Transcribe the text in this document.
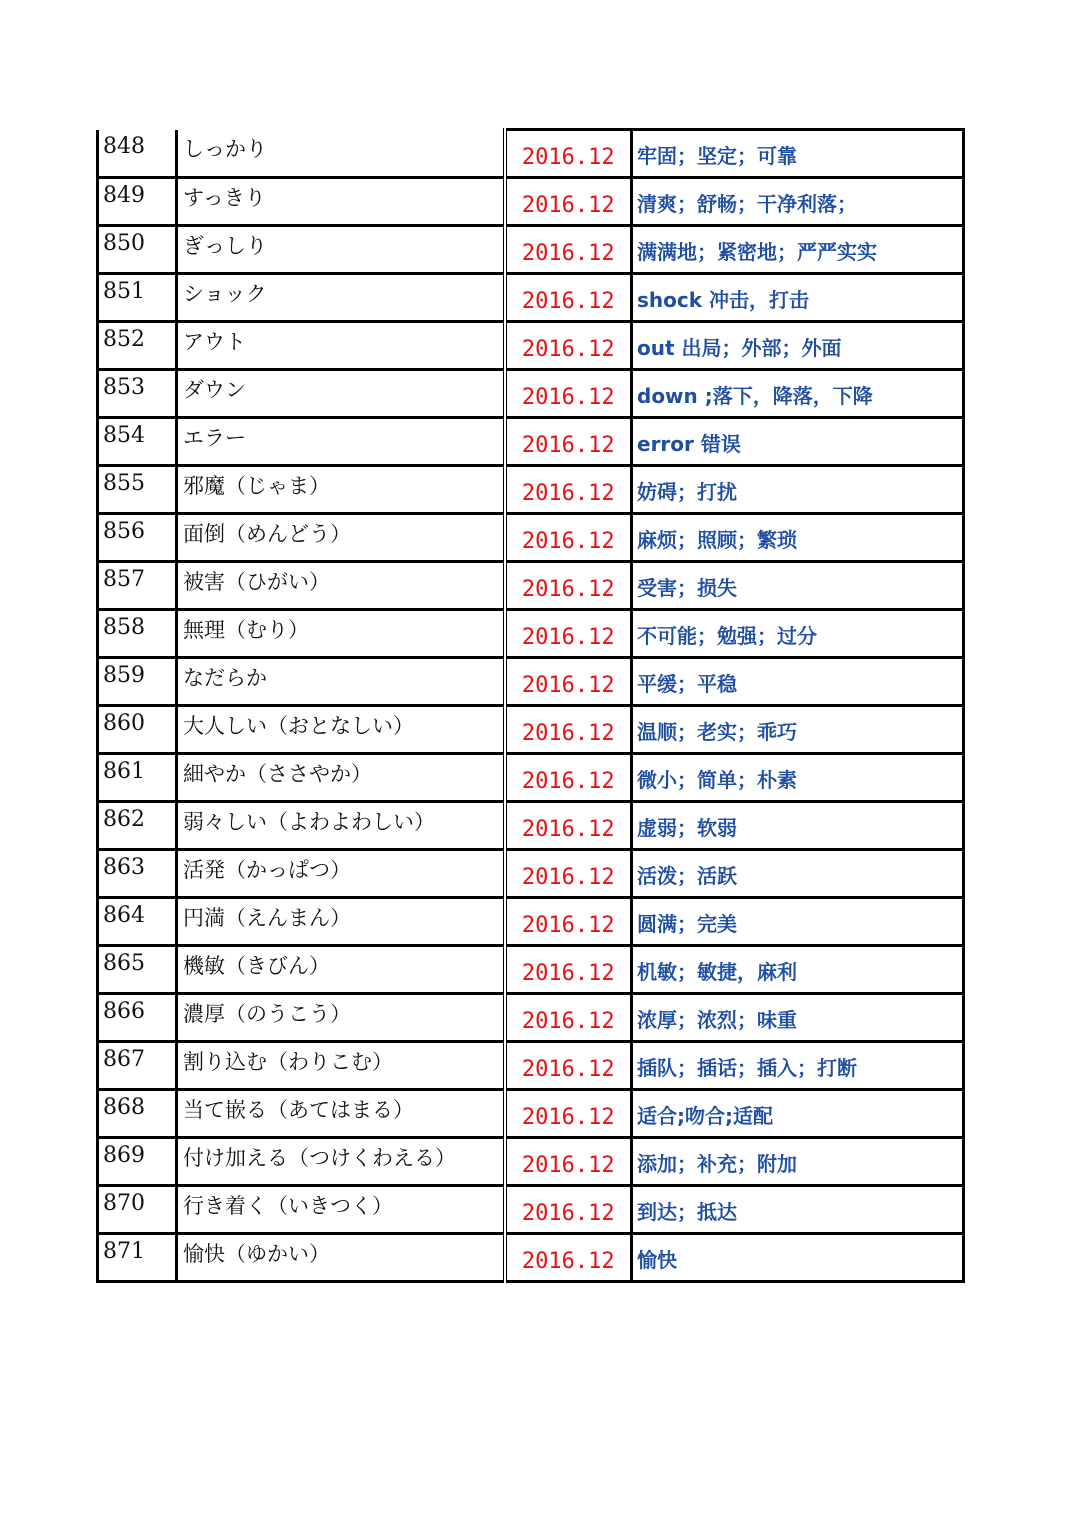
848	しっかり	2016.12	牢固；坚定；可靠
849	すっきり	2016.12	清爽；舒畅；干净利落；
850	ぎっしり	2016.12	满满地；紧密地；严严实实
851	ショック	2016.12	shock 冲击，打击
852	アウト	2016.12	out 出局；外部；外面
853	ダウン	2016.12	down ;落下，降落，下降
854	エラー	2016.12	error 错误
855	邪魔（じゃま）	2016.12	妨碍；打扰
856	面倒（めんどう）	2016.12	麻烦；照顾；繁琐
857	被害（ひがい）	2016.12	受害；损失
858	無理（むり）	2016.12	不可能；勉强；过分
859	なだらか	2016.12	平缓；平稳
860	大人しい（おとなしい）	2016.12	温顺；老实；乖巧
861	細やか（ささやか）	2016.12	微小；简单；朴素
862	弱々しい（よわよわしい）	2016.12	虚弱；软弱
863	活発（かっぱつ）	2016.12	活泼；活跃
864	円満（えんまん）	2016.12	圆满；完美
865	機敏（きびん）	2016.12	机敏；敏捷，麻利
866	濃厚（のうこう）	2016.12	浓厚；浓烈；味重
867	割り込む（わりこむ）	2016.12	插队；插话；插入；打断
868	当て嵌る（あてはまる）	2016.12	适合;吻合;适配
869	付け加える（つけくわえる）	2016.12	添加；补充；附加
870	行き着く（いきつく）	2016.12	到达；抵达
871	愉快（ゆかい）	2016.12	愉快
